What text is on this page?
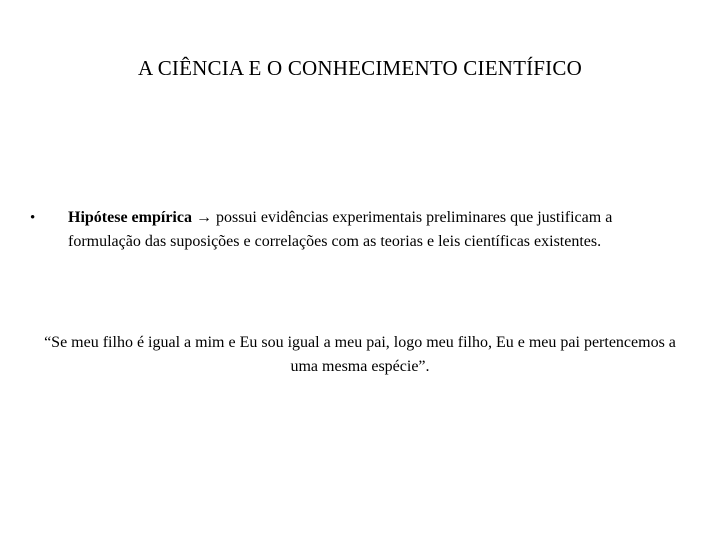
A CIÊNCIA E O CONHECIMENTO CIENTÍFICO
• Hipótese empírica → possui evidências experimentais preliminares que justificam a formulação das suposições e correlações com as teorias e leis científicas existentes.
“Se meu filho é igual a mim e Eu sou igual a meu pai, logo meu filho, Eu e meu pai pertencemos a uma mesma espécie”.
